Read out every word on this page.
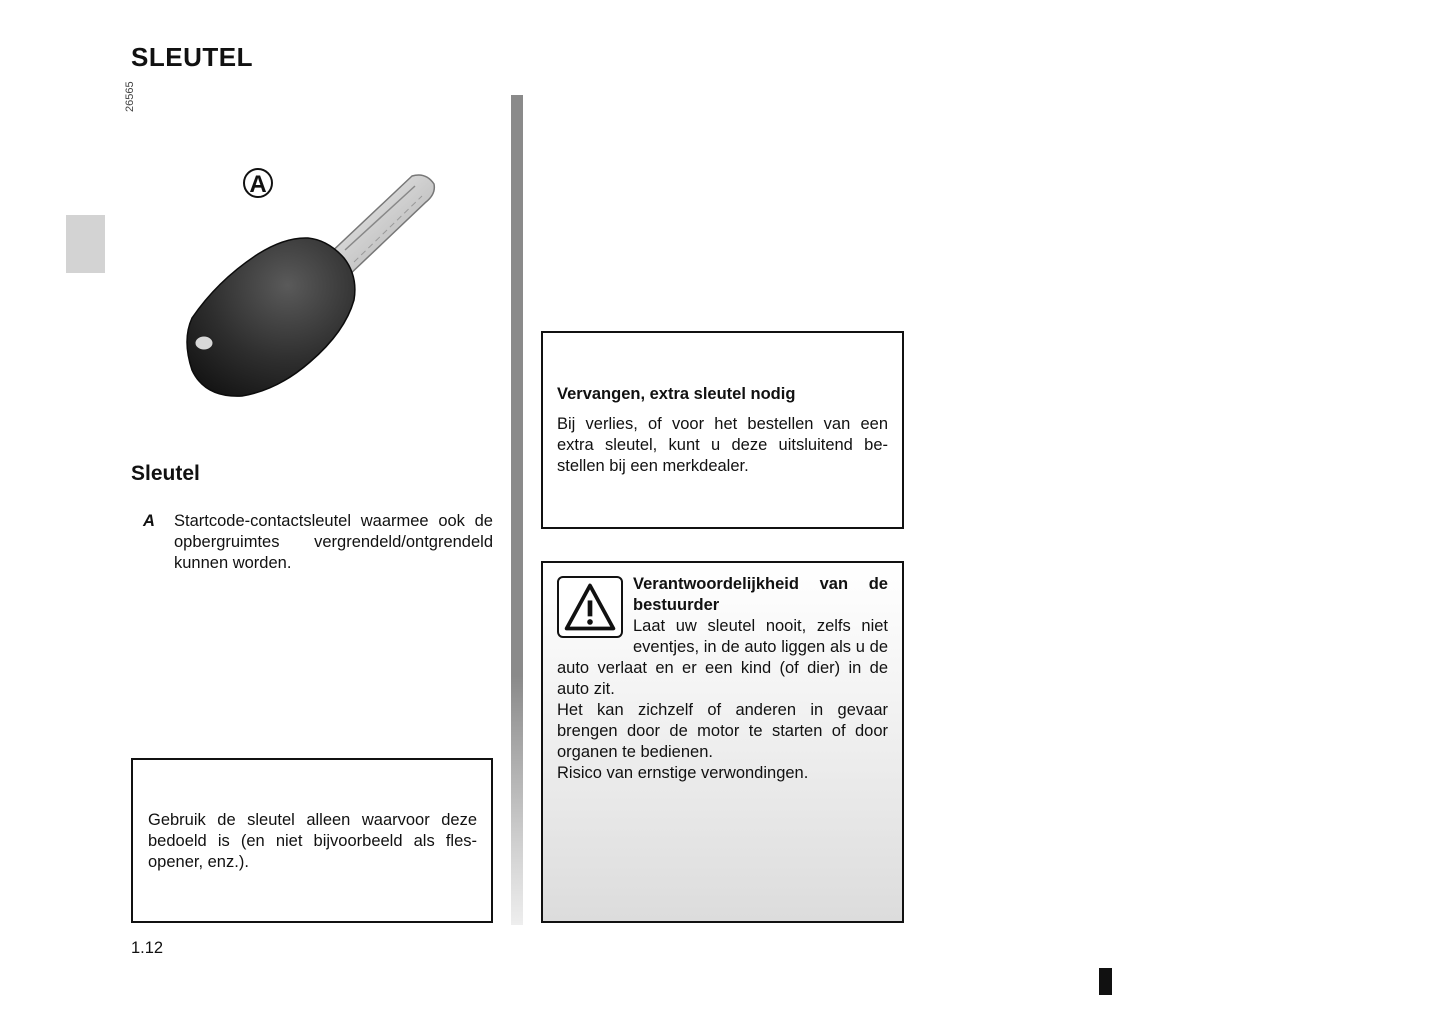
SLEUTEL
26565
A
Sleutel
A Startcode-contactsleutel waarmee ook de opbergruimtes vergrendeld/ontgrendeld kunnen worden.
Gebruik de sleutel alleen waarvoor deze bedoeld is (en niet bijvoorbeeld als flesopener, enz.).
Vervangen, extra sleutel nodig
Bij verlies, of voor het bestellen van een extra sleutel, kunt u deze uitsluitend bestellen bij een merkdealer.
Verantwoordelijkheid van de bestuurder
Laat uw sleutel nooit, zelfs niet eventjes, in de auto liggen als u de auto verlaat en er een kind (of dier) in de auto zit.
Het kan zichzelf of anderen in gevaar brengen door de motor te starten of door organen te bedienen.
Risico van ernstige verwondingen.
1.12
